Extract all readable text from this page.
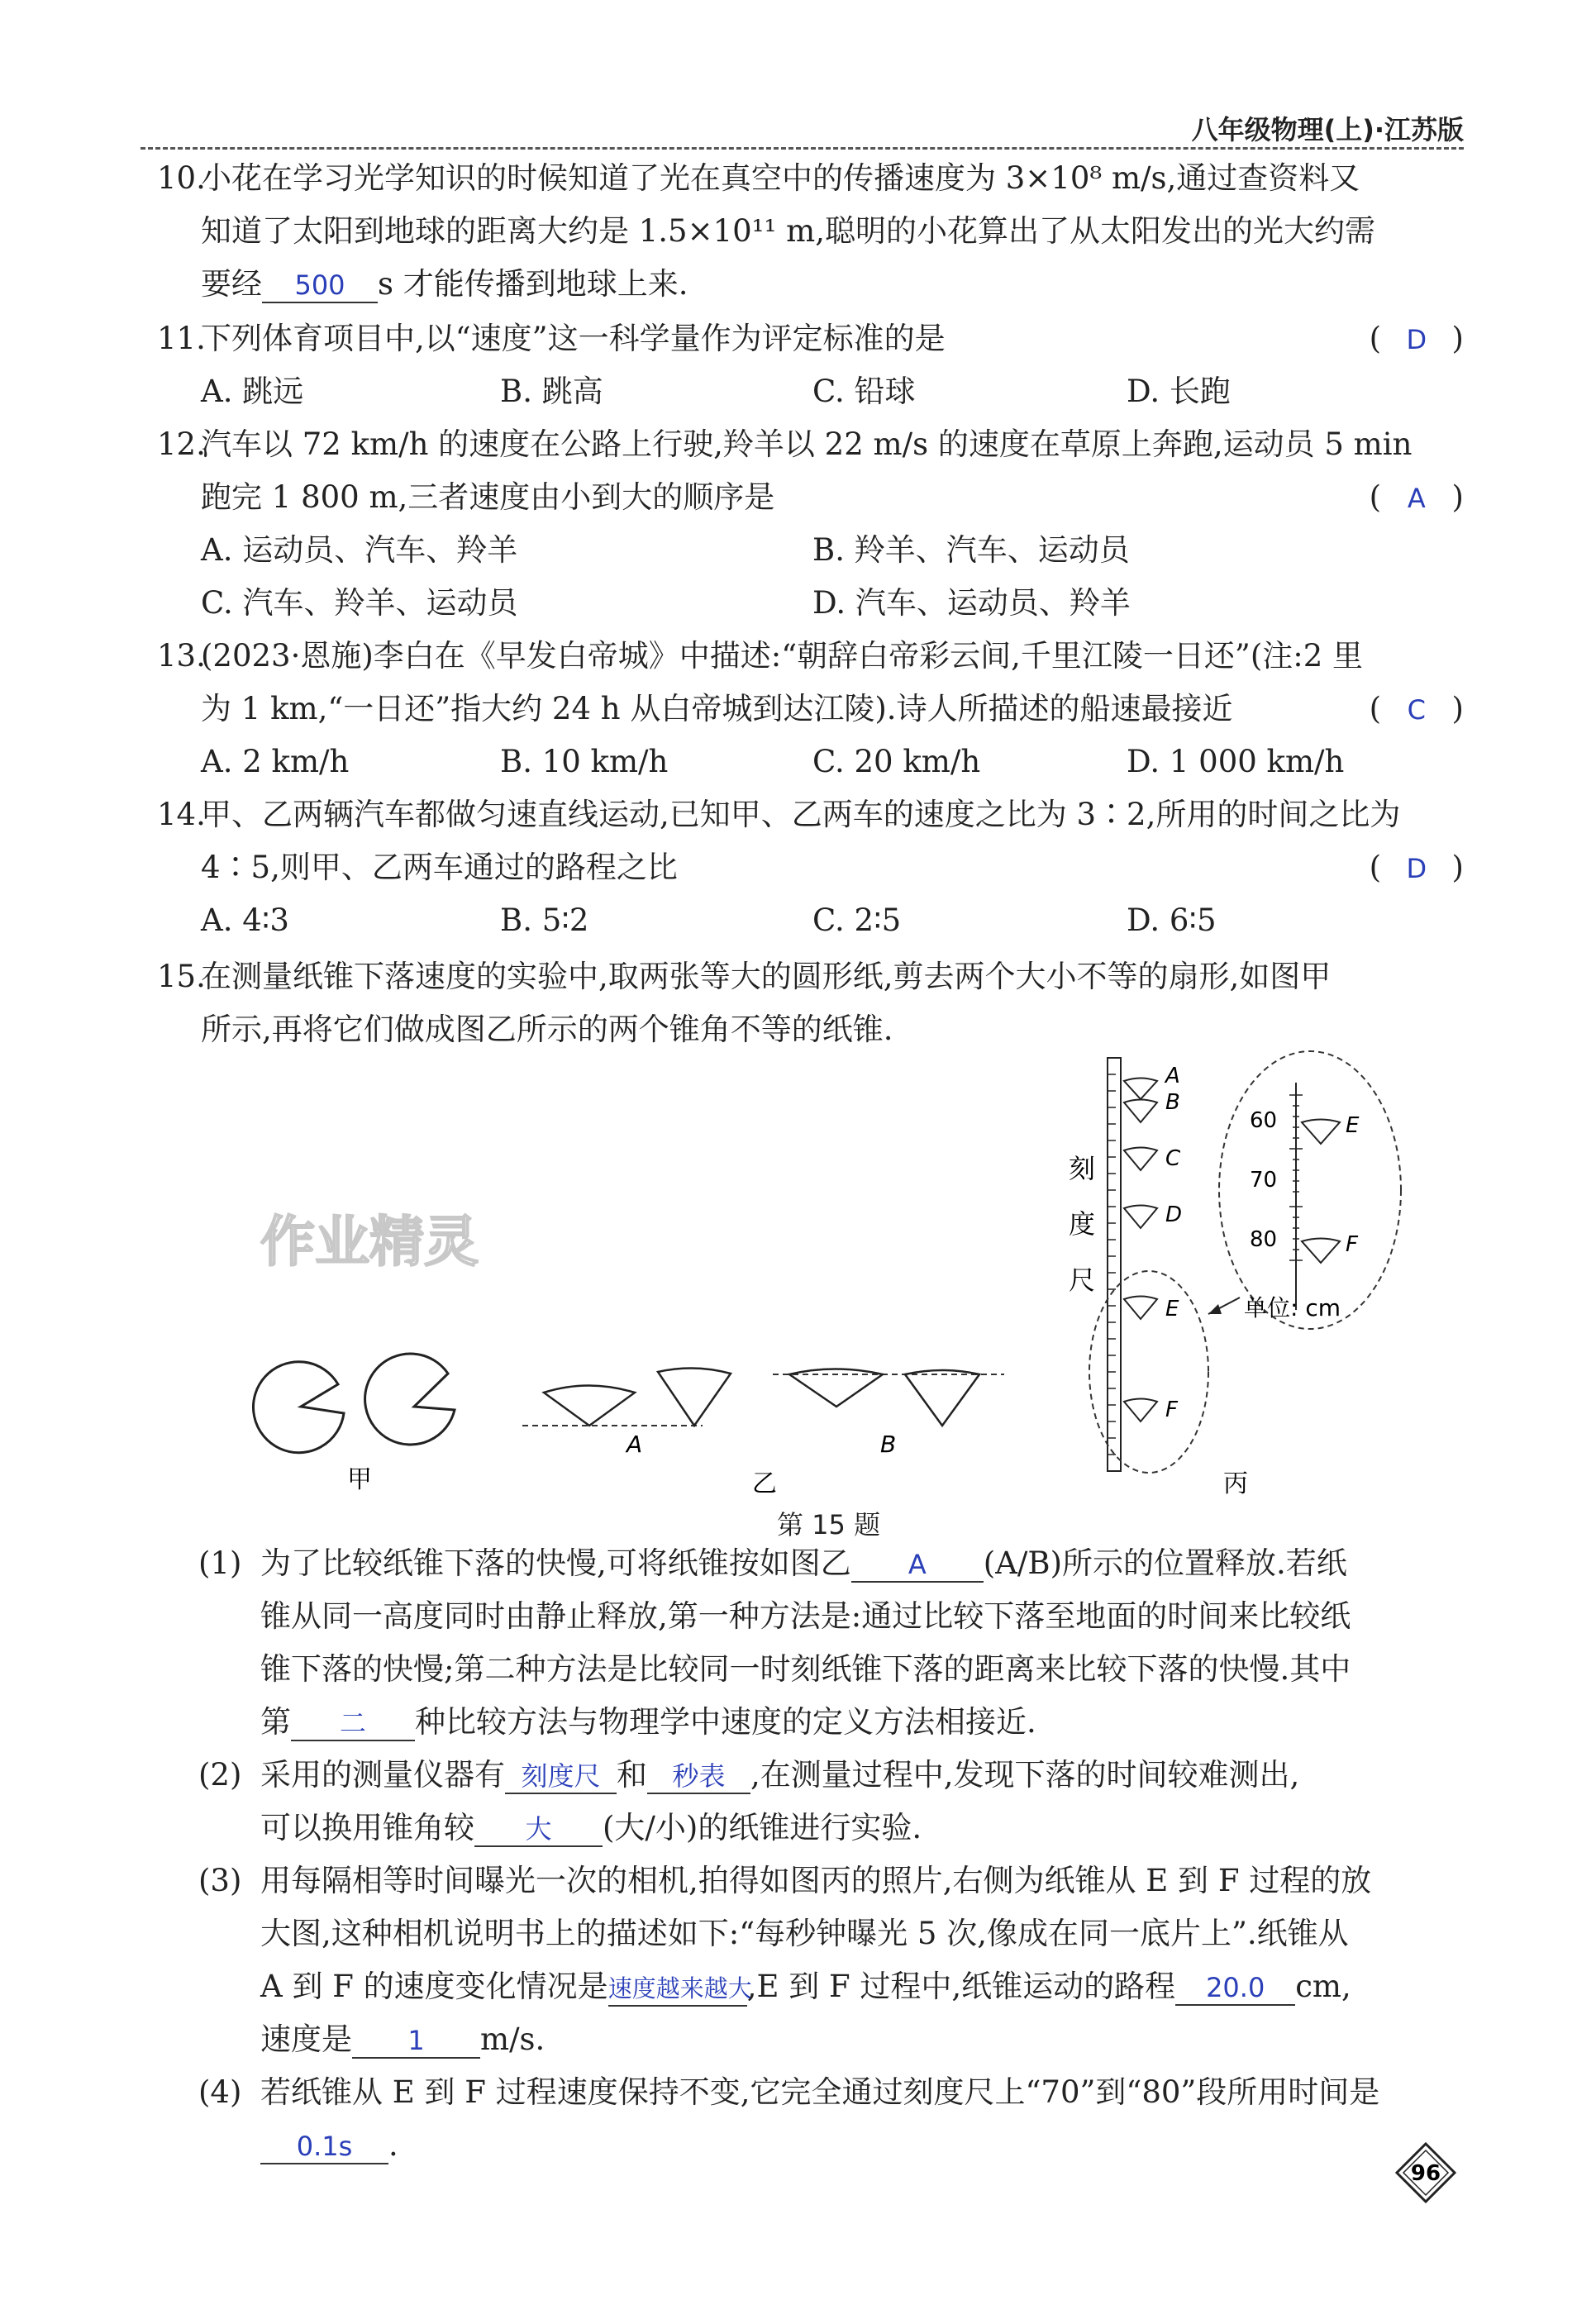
八年级物理(上)·江苏版
10.
小花在学习光学知识的时候知道了光在真空中的传播速度为 3×10⁸ m/s,通过查资料又
知道了太阳到地球的距离大约是 1.5×10¹¹ m,聪明的小花算出了从太阳发出的光大约需
要经 500 s 才能传播到地球上来.
11.
下列体育项目中,以“速度”这一科学量作为评定标准的是	( D )
A. 跳远	B. 跳高	C. 铅球	D. 长跑
12.
汽车以 72 km/h 的速度在公路上行驶,羚羊以 22 m/s 的速度在草原上奔跑,运动员 5 min
跑完 1 800 m,三者速度由小到大的顺序是	( A )
A. 运动员、汽车、羚羊	B. 羚羊、汽车、运动员
C. 汽车、羚羊、运动员	D. 汽车、运动员、羚羊
13.
(2023·恩施)李白在《早发白帝城》中描述:“朝辞白帝彩云间,千里江陵一日还”(注:2 里
为 1 km,“一日还”指大约 24 h 从白帝城到达江陵).诗人所描述的船速最接近	( C )
A. 2 km/h	B. 10 km/h	C. 20 km/h	D. 1 000 km/h
14.
甲、乙两辆汽车都做匀速直线运动,已知甲、乙两车的速度之比为 3∶2,所用的时间之比为
4∶5,则甲、乙两车通过的路程之比	( D )
A. 4∶3	B. 5∶2	C. 2∶5	D. 6∶5
15.
在测量纸锥下落速度的实验中,取两张等大的圆形纸,剪去两个大小不等的扇形,如图甲
所示,再将它们做成图乙所示的两个锥角不等的纸锥.
作业精灵
甲
A
乙
B
刻
度
尺
A
B
C
D
E
F
60
70
80
E
F
单位: cm
丙
第 15 题
(1) 为了比较纸锥下落的快慢,可将纸锥按如图乙 A (A/B)所示的位置释放.若纸
锥从同一高度同时由静止释放,第一种方法是:通过比较下落至地面的时间来比较纸
锥下落的快慢;第二种方法是比较同一时刻纸锥下落的距离来比较下落的快慢.其中
第 二 种比较方法与物理学中速度的定义方法相接近.
(2) 采用的测量仪器有 刻度尺 和 秒表 ,在测量过程中,发现下落的时间较难测出,
可以换用锥角较 大 (大/小)的纸锥进行实验.
(3) 用每隔相等时间曝光一次的相机,拍得如图丙的照片,右侧为纸锥从 E 到 F 过程的放
大图,这种相机说明书上的描述如下:“每秒钟曝光 5 次,像成在同一底片上”.纸锥从
A 到 F 的速度变化情况是速度越来越大,E 到 F 过程中,纸锥运动的路程 20.0 cm,
速度是 1 m/s.
(4) 若纸锥从 E 到 F 过程速度保持不变,它完全通过刻度尺上“70”到“80”段所用时间是
0.1s .
96
